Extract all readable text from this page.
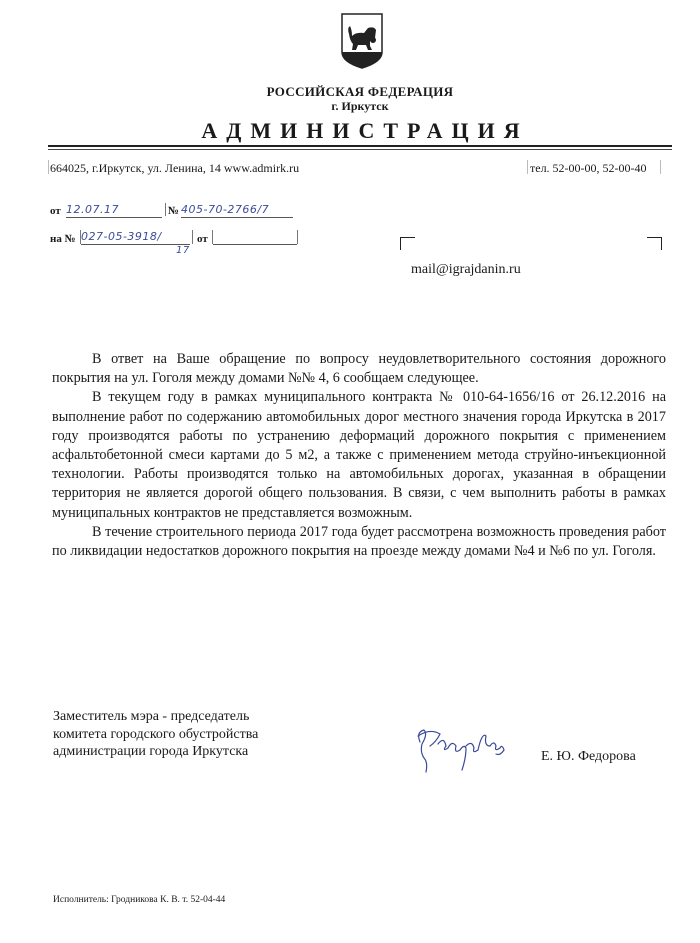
РОССИЙСКАЯ ФЕДЕРАЦИЯ
г. Иркутск
АДМИНИСТРАЦИЯ
664025, г.Иркутск, ул. Ленина, 14 www.admirk.ru	тел. 52-00-00, 52-00-40
от 12.07.17	№ 405-70-2766/7
на № 027-05-3918/
17
от
mail@igrajdanin.ru

В ответ на Ваше обращение по вопросу неудовлетворительного состояния дорожного покрытия на ул. Гоголя между домами №№ 4, 6 сообщаем следующее.

В текущем году в рамках муниципального контракта № 010-64-1656/16 от 26.12.2016 на выполнение работ по содержанию автомобильных дорог местного значения города Иркутска в 2017 году производятся работы по устранению деформаций дорожного покрытия с применением асфальтобетонной смеси картами до 5 м2, а также с применением метода струйно-инъекционной технологии. Работы производятся только на автомобильных дорогах, указанная в обращении территория не является дорогой общего пользования. В связи, с чем выполнить работы в рамках муниципальных контрактов не представляется возможным.

В течение строительного периода 2017 года будет рассмотрена возможность проведения работ по ликвидации недостатков дорожного покрытия на проезде между домами №4 и №6 по ул. Гоголя.

Заместитель мэра - председатель
комитета городского обустройства
администрации города Иркутска	Е. Ю. Федорова
Исполнитель: Гродникова К. В. т. 52-04-44
